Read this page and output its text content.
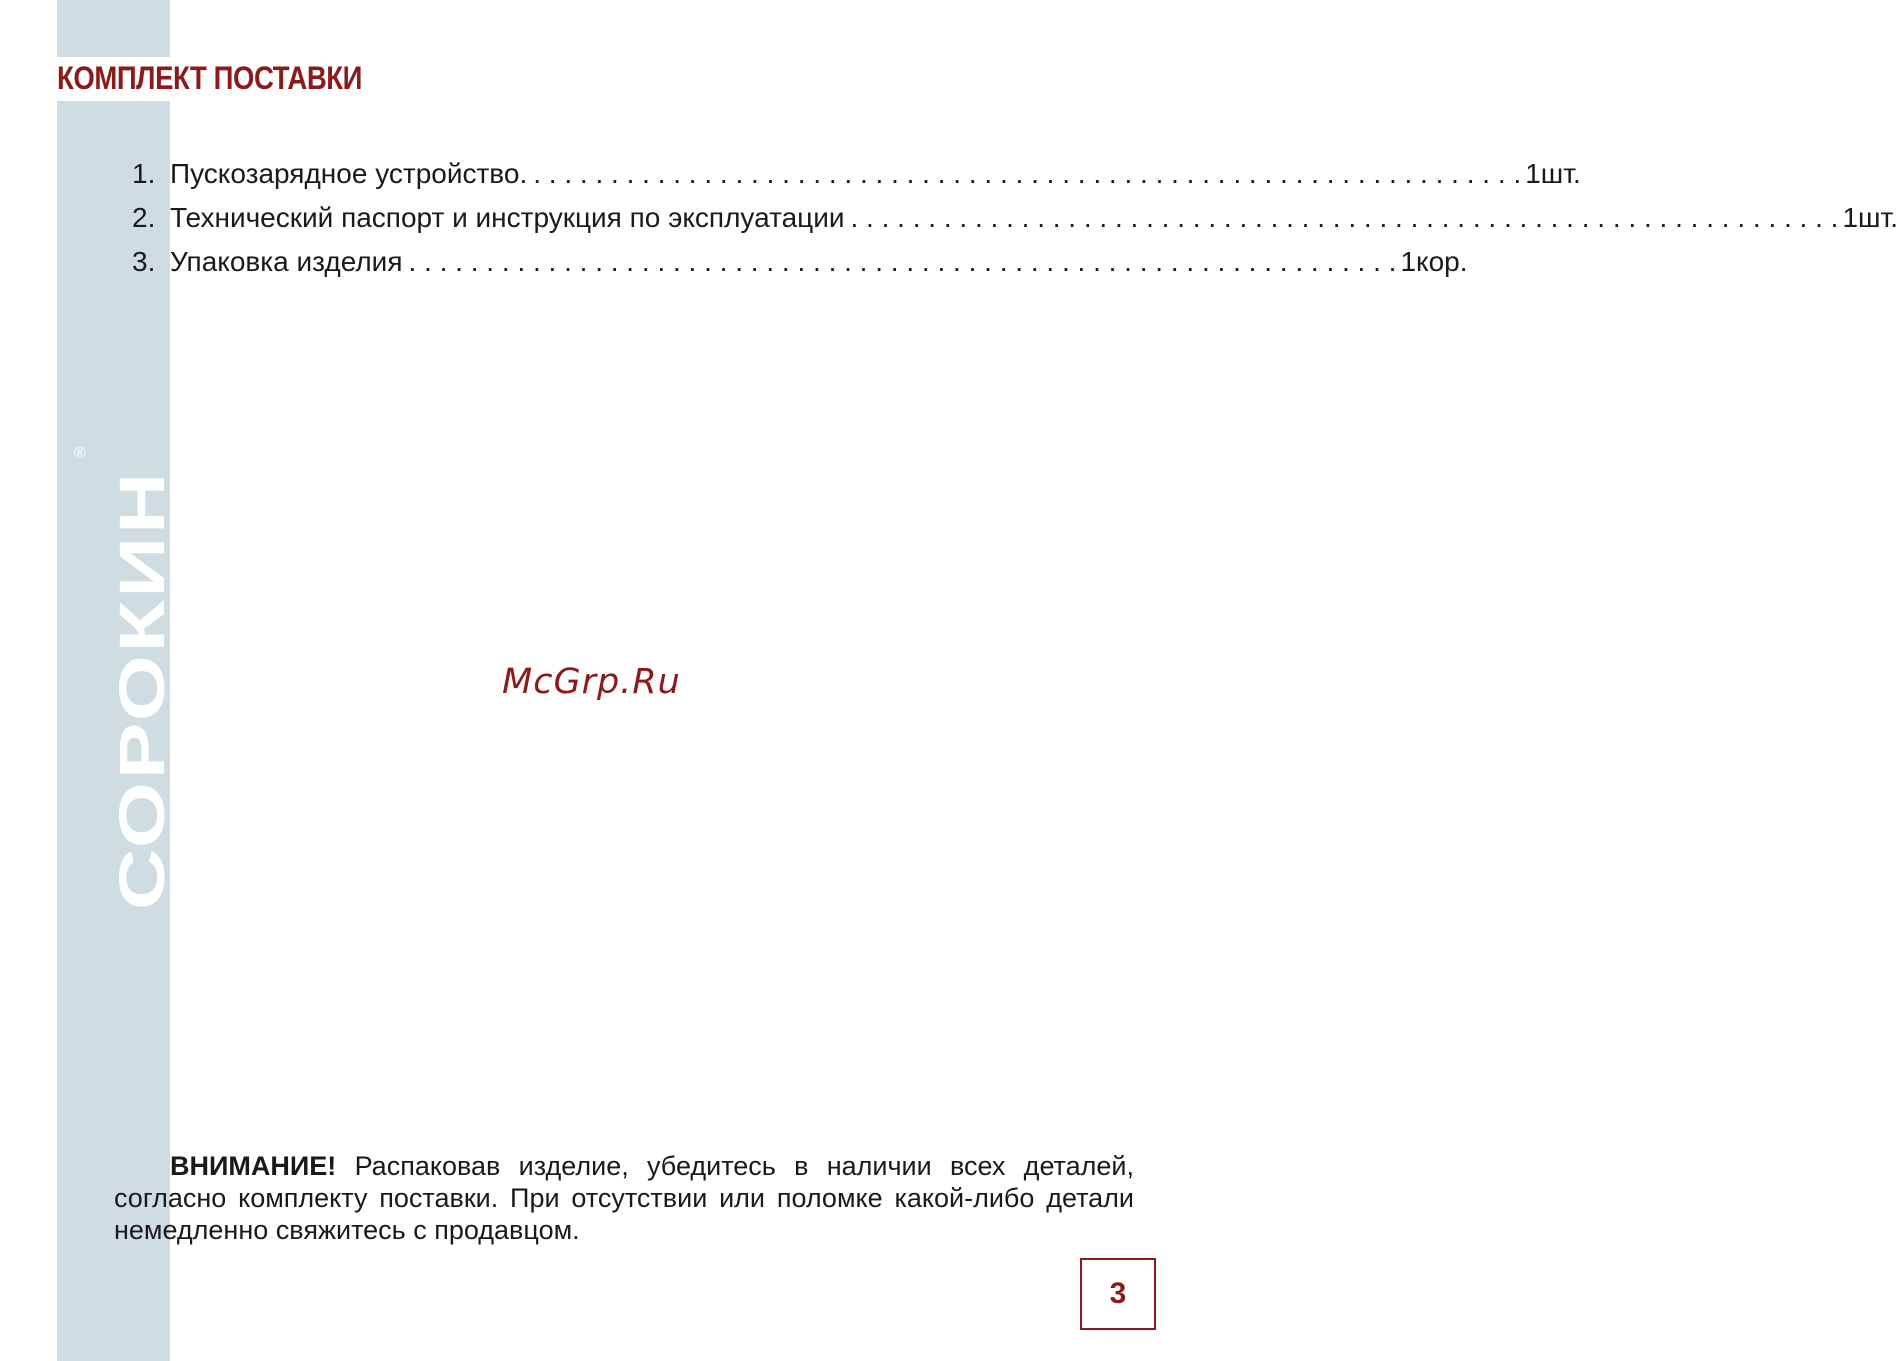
КОМПЛЕКТ ПОСТАВКИ
1. Пускозарядное устройство. . . .	1шт.
2. Технический паспорт и инструкция по эксплуатации . . .	1шт.
3. Упаковка изделия . . .	1кор.
СОРОКИН
ИНСТРУМЕНТ С ИМЕНЕМ
®

McGrp.Ru

ВНИМАНИЕ! Распаковав изделие, убедитесь в наличии всех деталей, согласно комплекту поставки. При отсутствии или поломке какой-либо детали немедленно свяжитесь с продавцом.

3
